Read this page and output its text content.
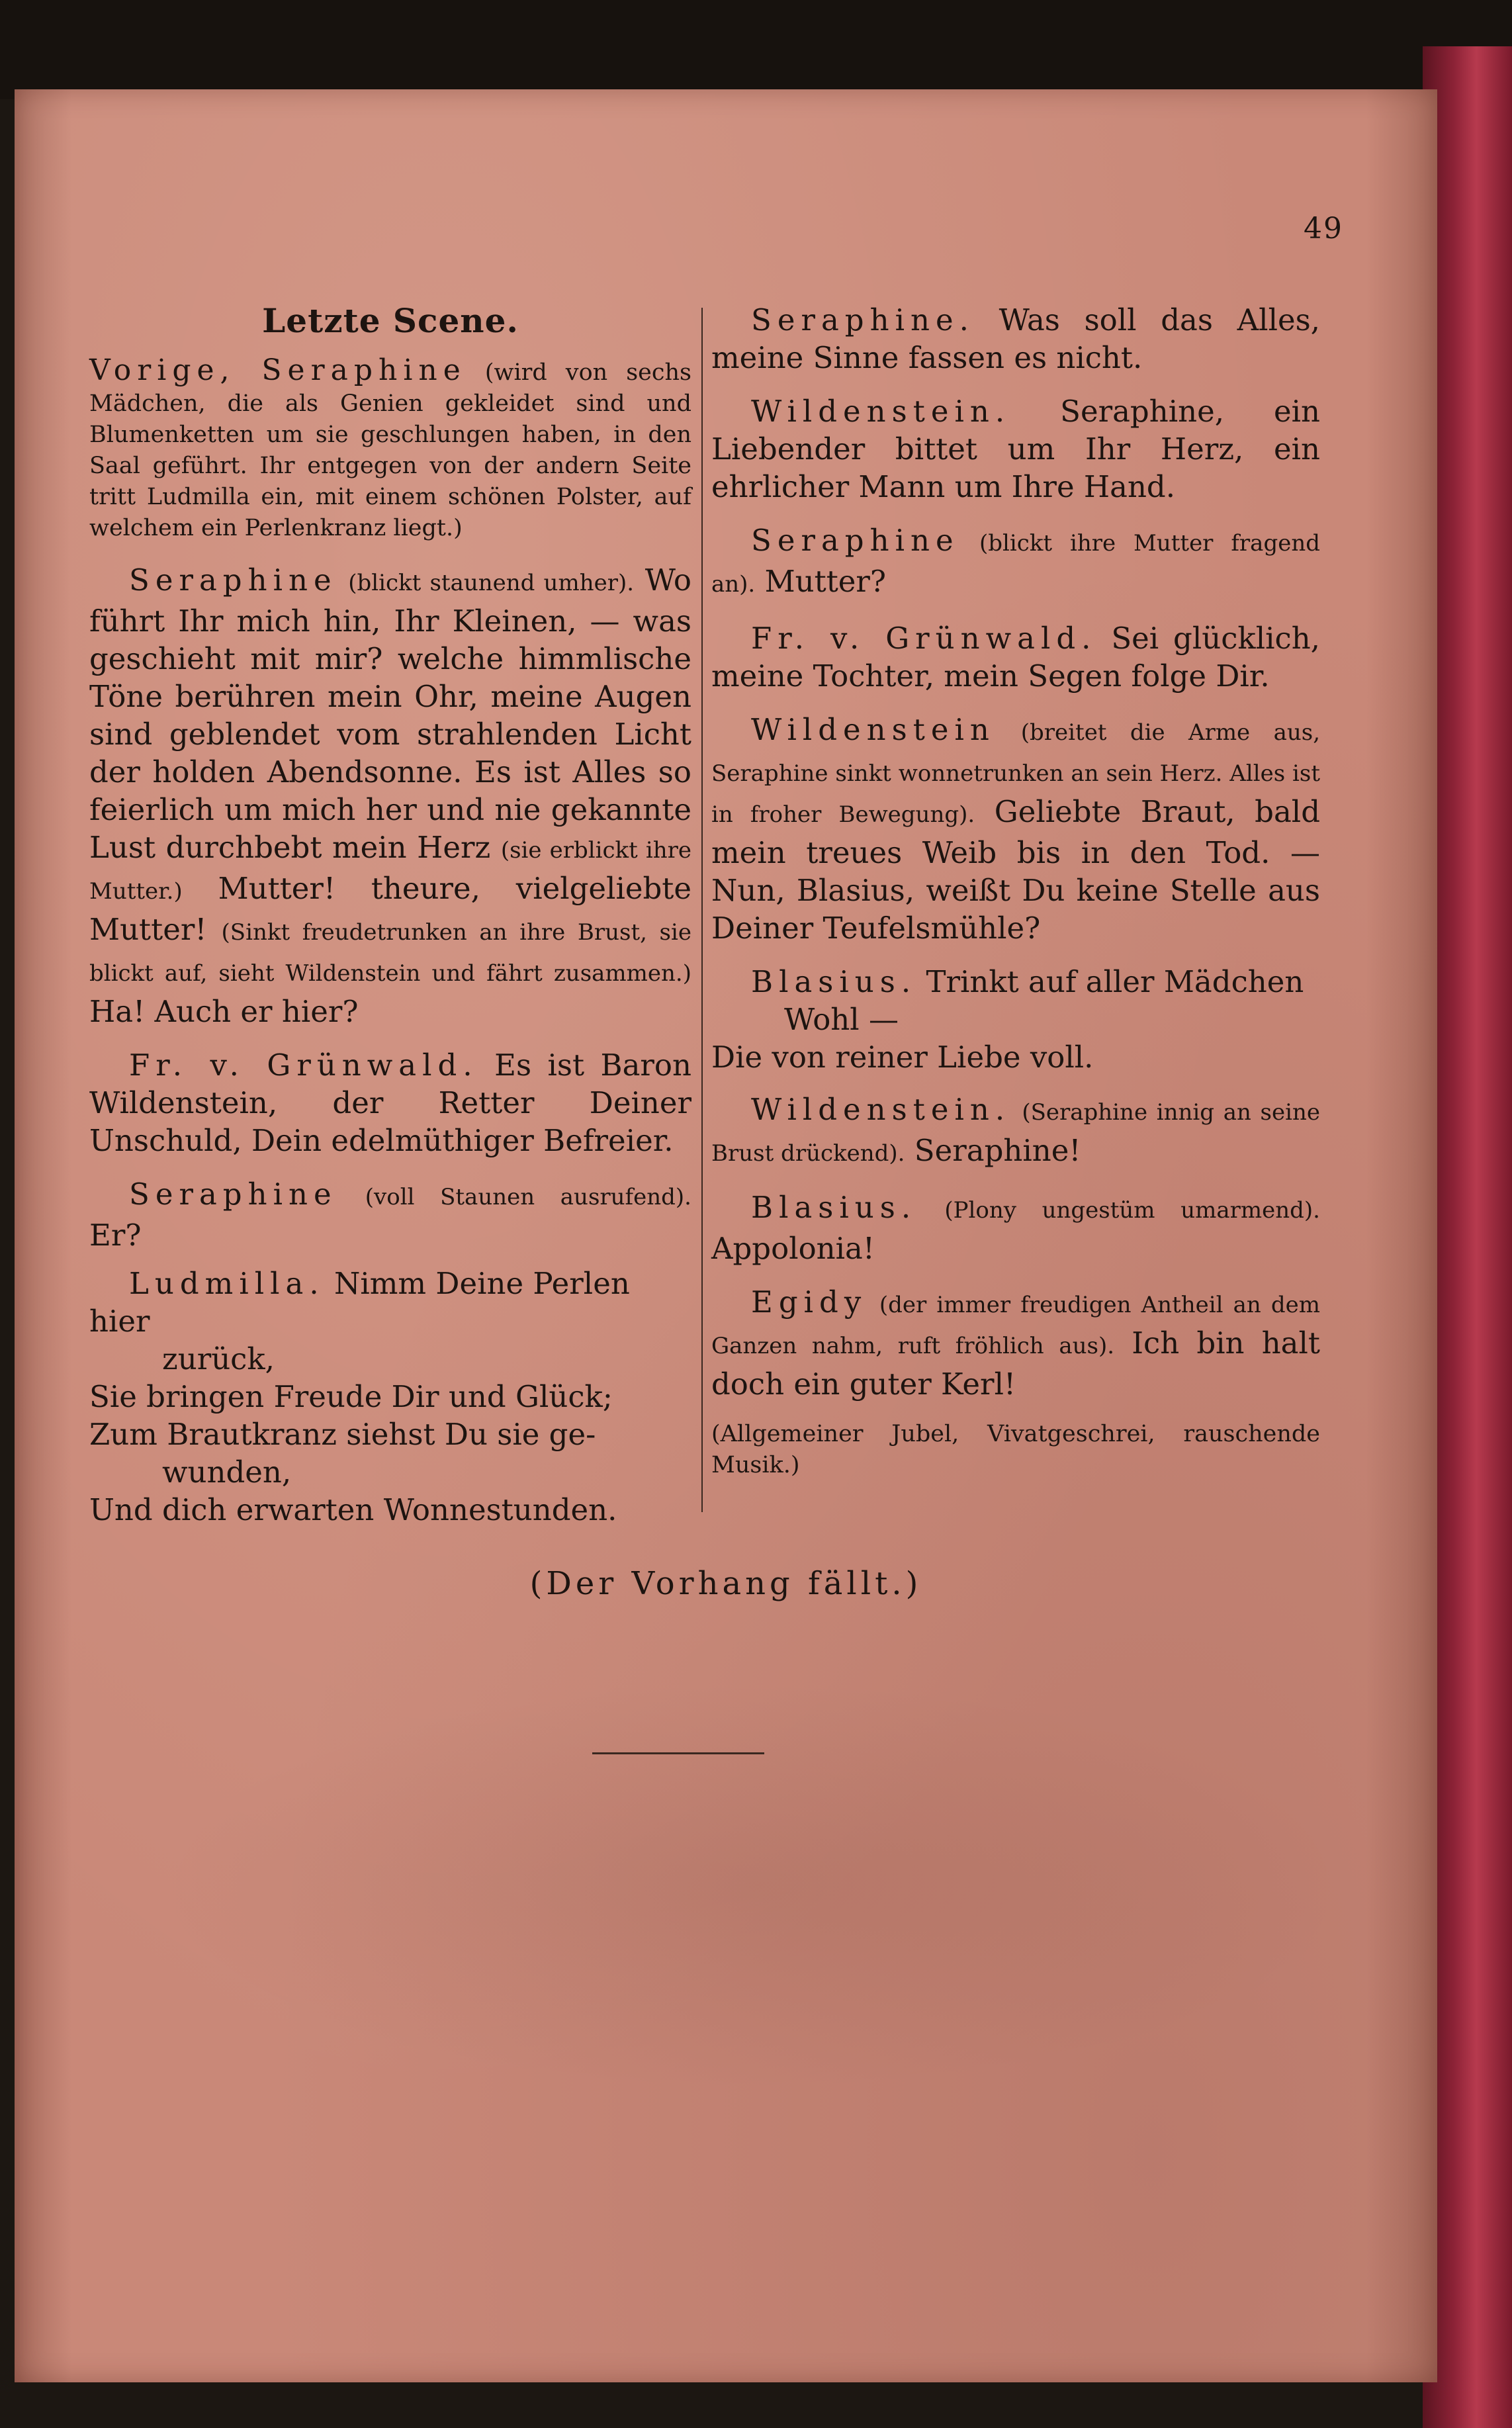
49
Letzte Scene.
Vorige, Seraphine (wird von sechs Mädchen, die als Genien gekleidet sind und Blumenketten um sie geschlungen haben, in den Saal geführt. Ihr entgegen von der andern Seite tritt Ludmilla ein, mit einem schönen Polster, auf welchem ein Perlenkranz liegt.)
Seraphine (blickt staunend umher). Wo führt Ihr mich hin, Ihr Kleinen, — was geschieht mit mir? welche himmlische Töne berühren mein Ohr, meine Augen sind geblendet vom strahlenden Licht der holden Abendsonne. Es ist Alles so feierlich um mich her und nie gekannte Lust durchbebt mein Herz (sie erblickt ihre Mutter.) Mutter! theure, vielgeliebte Mutter! (Sinkt freudetrunken an ihre Brust, sie blickt auf, sieht Wildenstein und fährt zusammen.) Ha! Auch er hier?
Fr. v. Grünwald. Es ist Baron Wildenstein, der Retter Deiner Unschuld, Dein edelmüthiger Befreier.
Seraphine (voll Staunen ausrufend). Er?

Ludmilla. Nimm Deine Perlen hier

zurück,

Sie bringen Freude Dir und Glück;

Zum Brautkranz siehst Du sie ge-

wunden,

Und dich erwarten Wonnestunden.

Seraphine. Was soll das Alles, meine Sinne fassen es nicht.
Wildenstein. Seraphine, ein Liebender bittet um Ihr Herz, ein ehrlicher Mann um Ihre Hand.
Seraphine (blickt ihre Mutter fragend an). Mutter?
Fr. v. Grünwald. Sei glücklich, meine Tochter, mein Segen folge Dir.
Wildenstein (breitet die Arme aus, Seraphine sinkt wonnetrunken an sein Herz. Alles ist in froher Bewegung). Geliebte Braut, bald mein treues Weib bis in den Tod. — Nun, Blasius, weißt Du keine Stelle aus Deiner Teufelsmühle?

Blasius. Trinkt auf aller Mädchen

Wohl —

Die von reiner Liebe voll.

Wildenstein. (Seraphine innig an seine Brust drückend). Seraphine!
Blasius. (Plony ungestüm umarmend). Appolonia!
Egidy (der immer freudigen Antheil an dem Ganzen nahm, ruft fröhlich aus). Ich bin halt doch ein guter Kerl!
(Allgemeiner Jubel, Vivatgeschrei, rauschende Musik.)
(Der Vorhang fällt.)
